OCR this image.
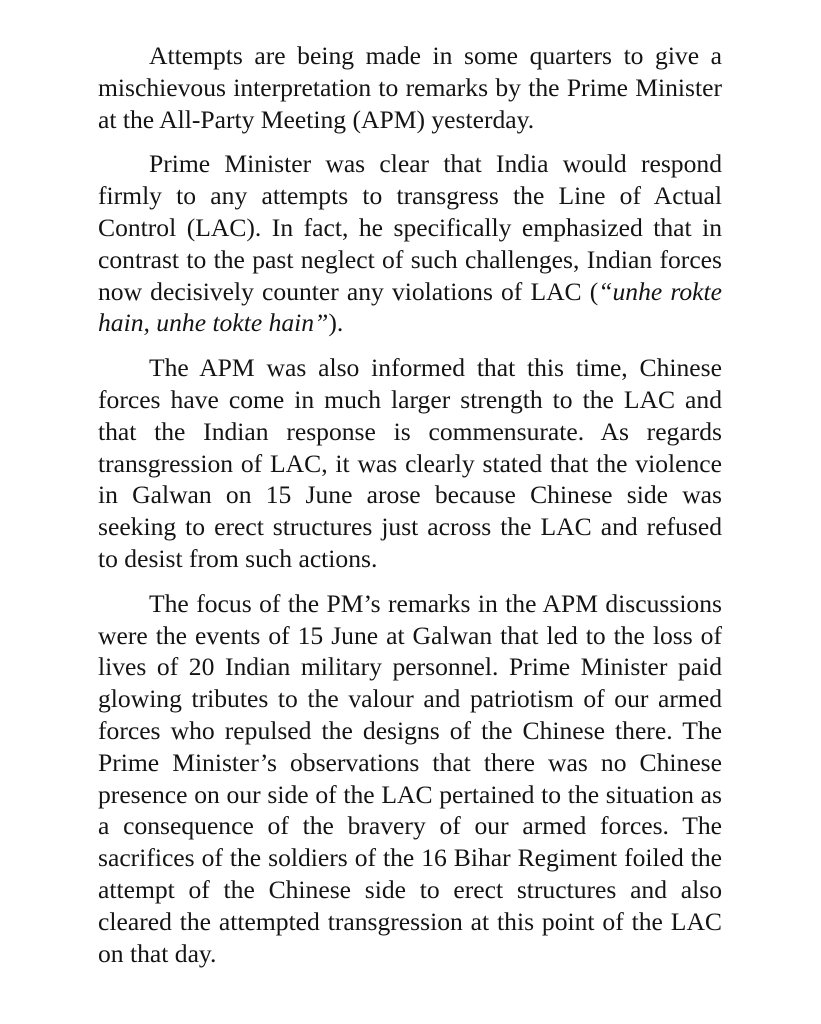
Attempts are being made in some quarters to give a mischievous interpretation to remarks by the Prime Minister at the All-Party Meeting (APM) yesterday.

Prime Minister was clear that India would respond firmly to any attempts to transgress the Line of Actual Control (LAC). In fact, he specifically emphasized that in contrast to the past neglect of such challenges, Indian forces now decisively counter any violations of LAC (“unhe rokte hain, unhe tokte hain”).

The APM was also informed that this time, Chinese forces have come in much larger strength to the LAC and that the Indian response is commensurate. As regards transgression of LAC, it was clearly stated that the violence in Galwan on 15 June arose because Chinese side was seeking to erect structures just across the LAC and refused to desist from such actions.

The focus of the PM’s remarks in the APM discussions were the events of 15 June at Galwan that led to the loss of lives of 20 Indian military personnel. Prime Minister paid glowing tributes to the valour and patriotism of our armed forces who repulsed the designs of the Chinese there. The Prime Minister’s observations that there was no Chinese presence on our side of the LAC pertained to the situation as a consequence of the bravery of our armed forces. The sacrifices of the soldiers of the 16 Bihar Regiment foiled the attempt of the Chinese side to erect structures and also cleared the attempted transgression at this point of the LAC on that day.
